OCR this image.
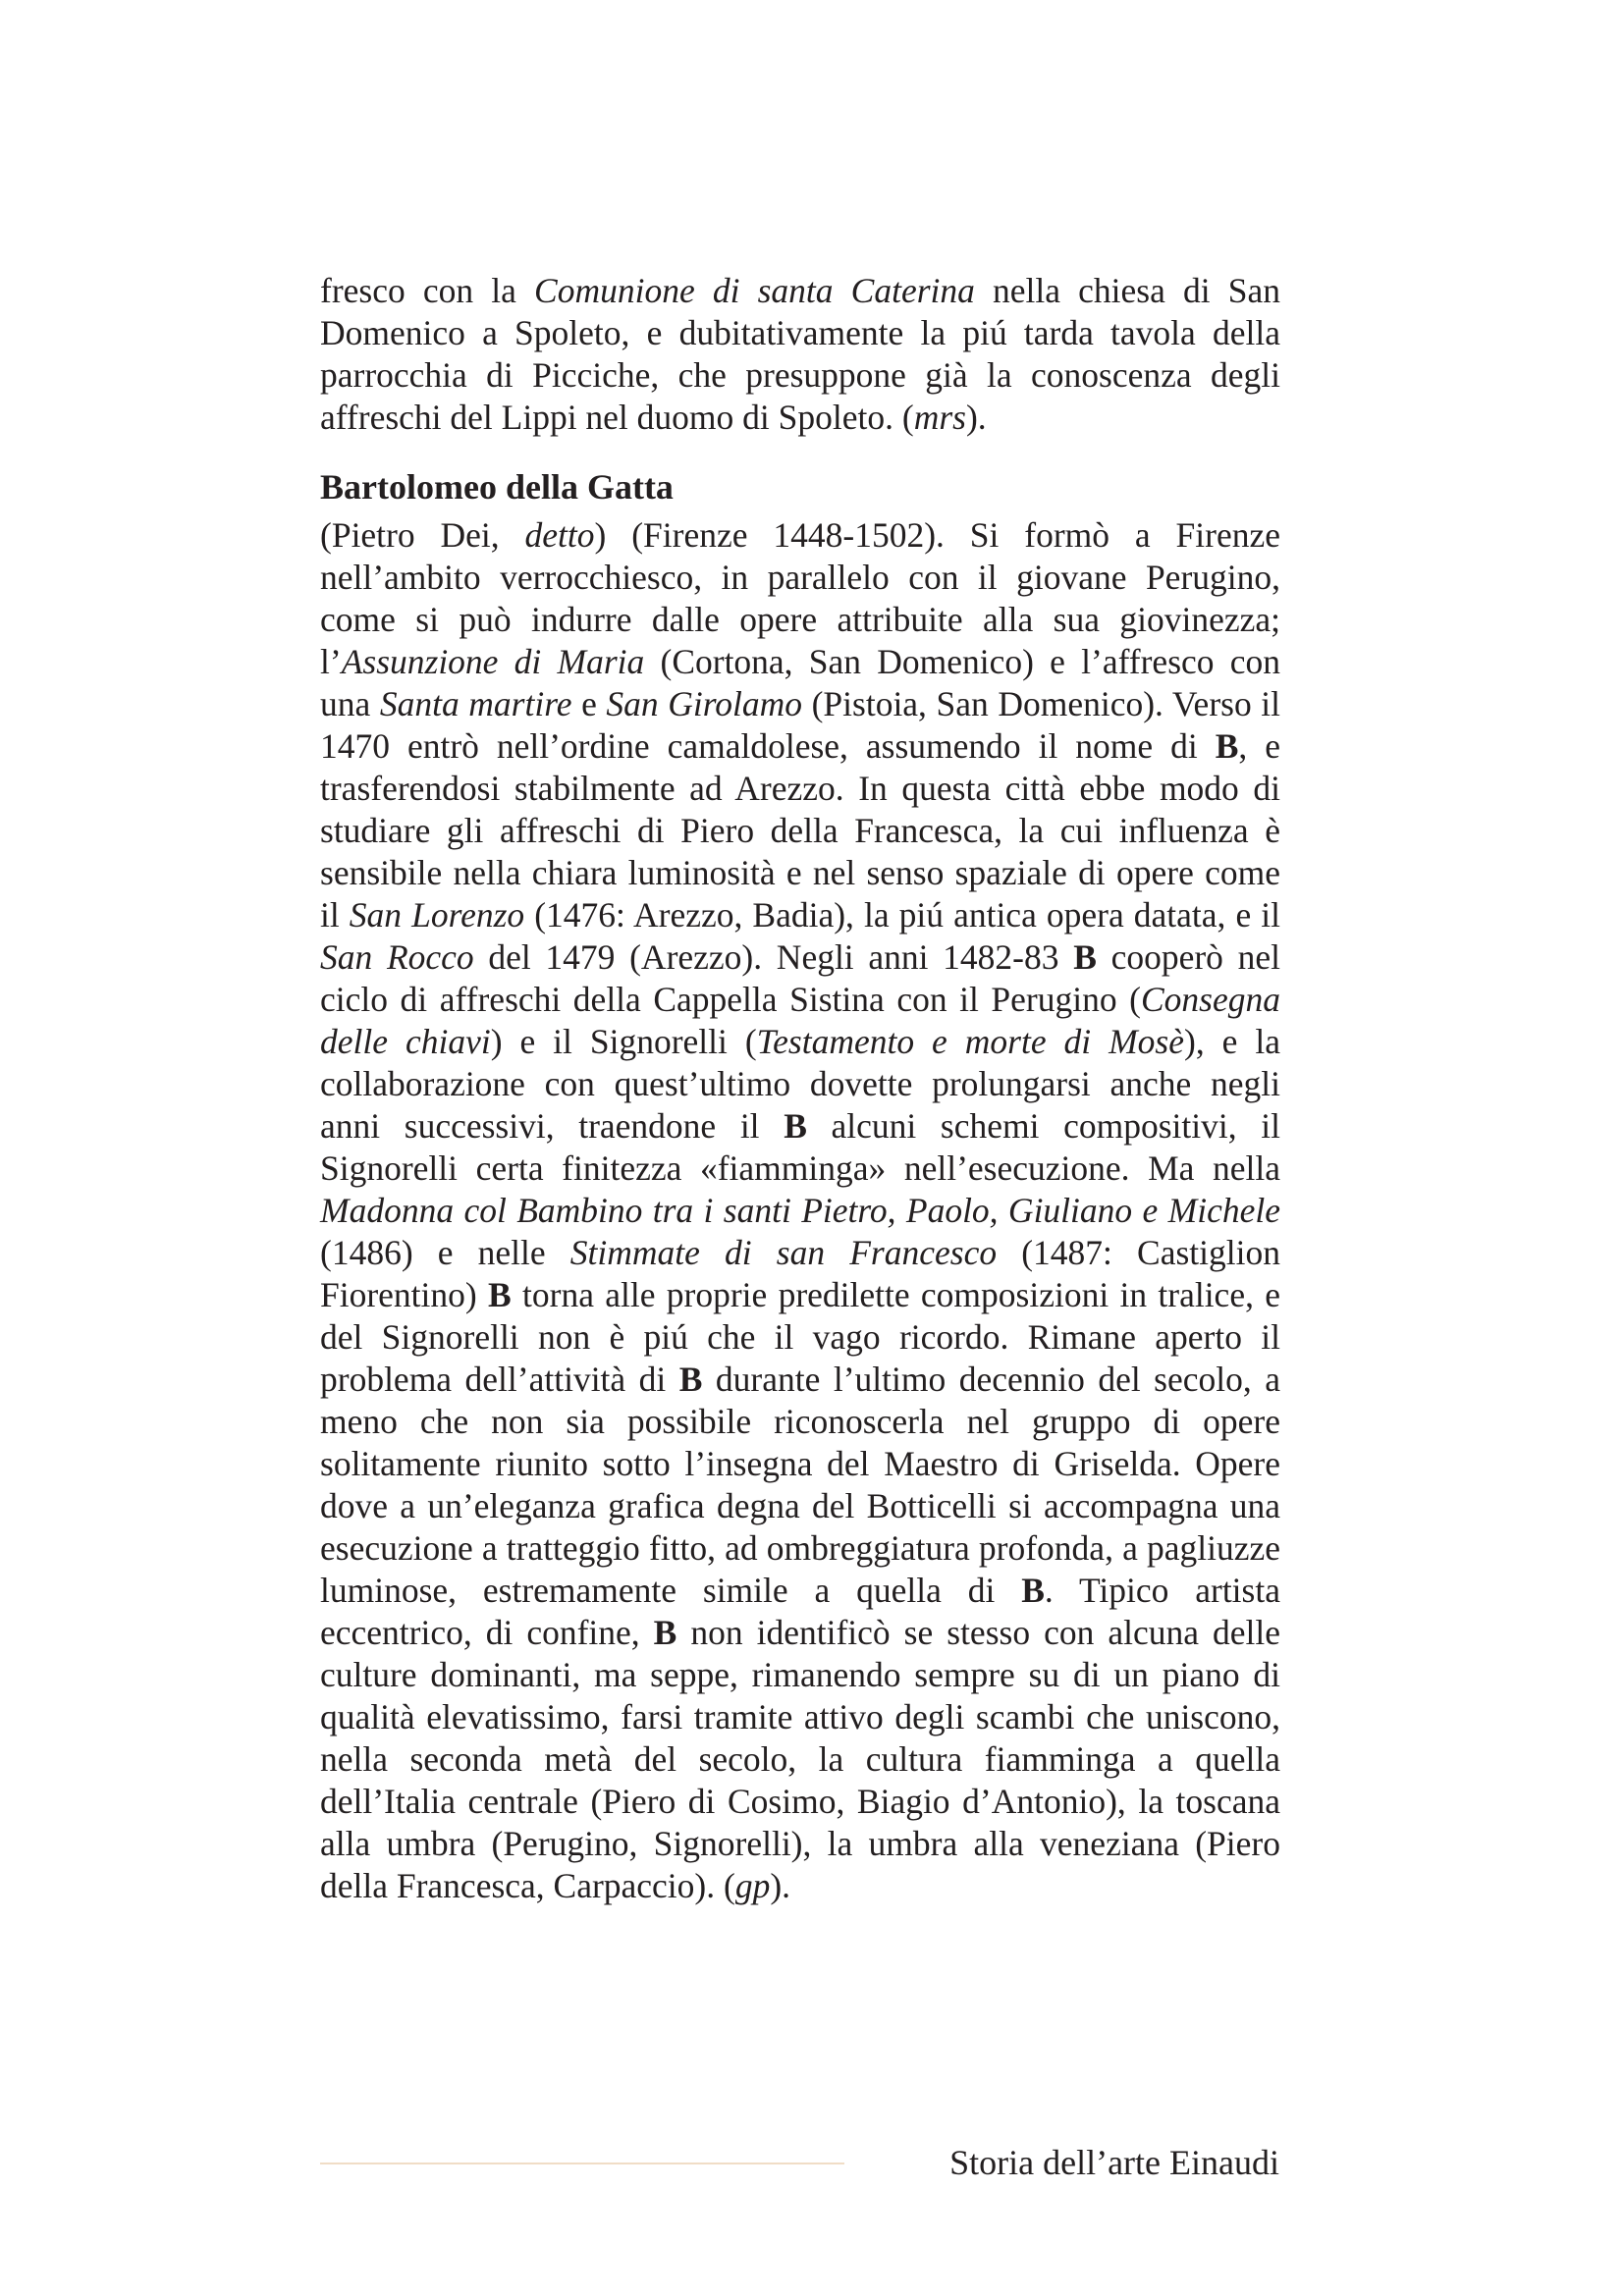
fresco con la Comunione di santa Caterina nella chiesa di San Domenico a Spoleto, e dubitativamente la piú tarda tavola della parrocchia di Picciche, che presuppone già la conoscenza degli affreschi del Lippi nel duomo di Spoleto. (mrs).

Bartolomeo della Gatta

(Pietro Dei, detto) (Firenze 1448-1502). Si formò a Firenze nell’ambito verrocchiesco, in parallelo con il giovane Perugino, come si può indurre dalle opere attribuite alla sua giovinezza; l’Assunzione di Maria (Cortona, San Domenico) e l’affresco con una Santa martire e San Girolamo (Pistoia, San Domenico). Verso il 1470 entrò nell’ordine camaldolese, assumendo il nome di B, e trasferendosi stabilmente ad Arezzo. In questa città ebbe modo di studiare gli affreschi di Piero della Francesca, la cui influenza è sensibile nella chiara luminosità e nel senso spaziale di opere come il San Lorenzo (1476: Arezzo, Badia), la piú antica opera datata, e il San Rocco del 1479 (Arezzo). Negli anni 1482-83 B cooperò nel ciclo di affreschi della Cappella Sistina con il Perugino (Consegna delle chiavi) e il Signorelli (Testamento e morte di Mosè), e la collaborazione con quest’ultimo dovette prolungarsi anche negli anni successivi, traendone il B alcuni schemi compositivi, il Signorelli certa finitezza «fiamminga» nell’esecuzione. Ma nella Madonna col Bambino tra i santi Pietro, Paolo, Giuliano e Michele (1486) e nelle Stimmate di san Francesco (1487: Castiglion Fiorentino) B torna alle proprie predilette composizioni in tralice, e del Signorelli non è piú che il vago ricordo. Rimane aperto il problema dell’attività di B durante l’ultimo decennio del secolo, a meno che non sia possibile riconoscerla nel gruppo di opere solitamente riunito sotto l’insegna del Maestro di Griselda. Opere dove a un’eleganza grafica degna del Botticelli si accompagna una esecuzione a tratteggio fitto, ad ombreggiatura profonda, a pagliuzze luminose, estremamente simile a quella di B. Tipico artista eccentrico, di confine, B non identificò se stesso con alcuna delle culture dominanti, ma seppe, rimanendo sempre su di un piano di qualità elevatissimo, farsi tramite attivo degli scambi che uniscono, nella seconda metà del secolo, la cultura fiamminga a quella dell’Italia centrale (Piero di Cosimo, Biagio d’Antonio), la toscana alla umbra (Perugino, Signorelli), la umbra alla veneziana (Piero della Francesca, Carpaccio). (gp).

Storia dell’arte Einaudi
